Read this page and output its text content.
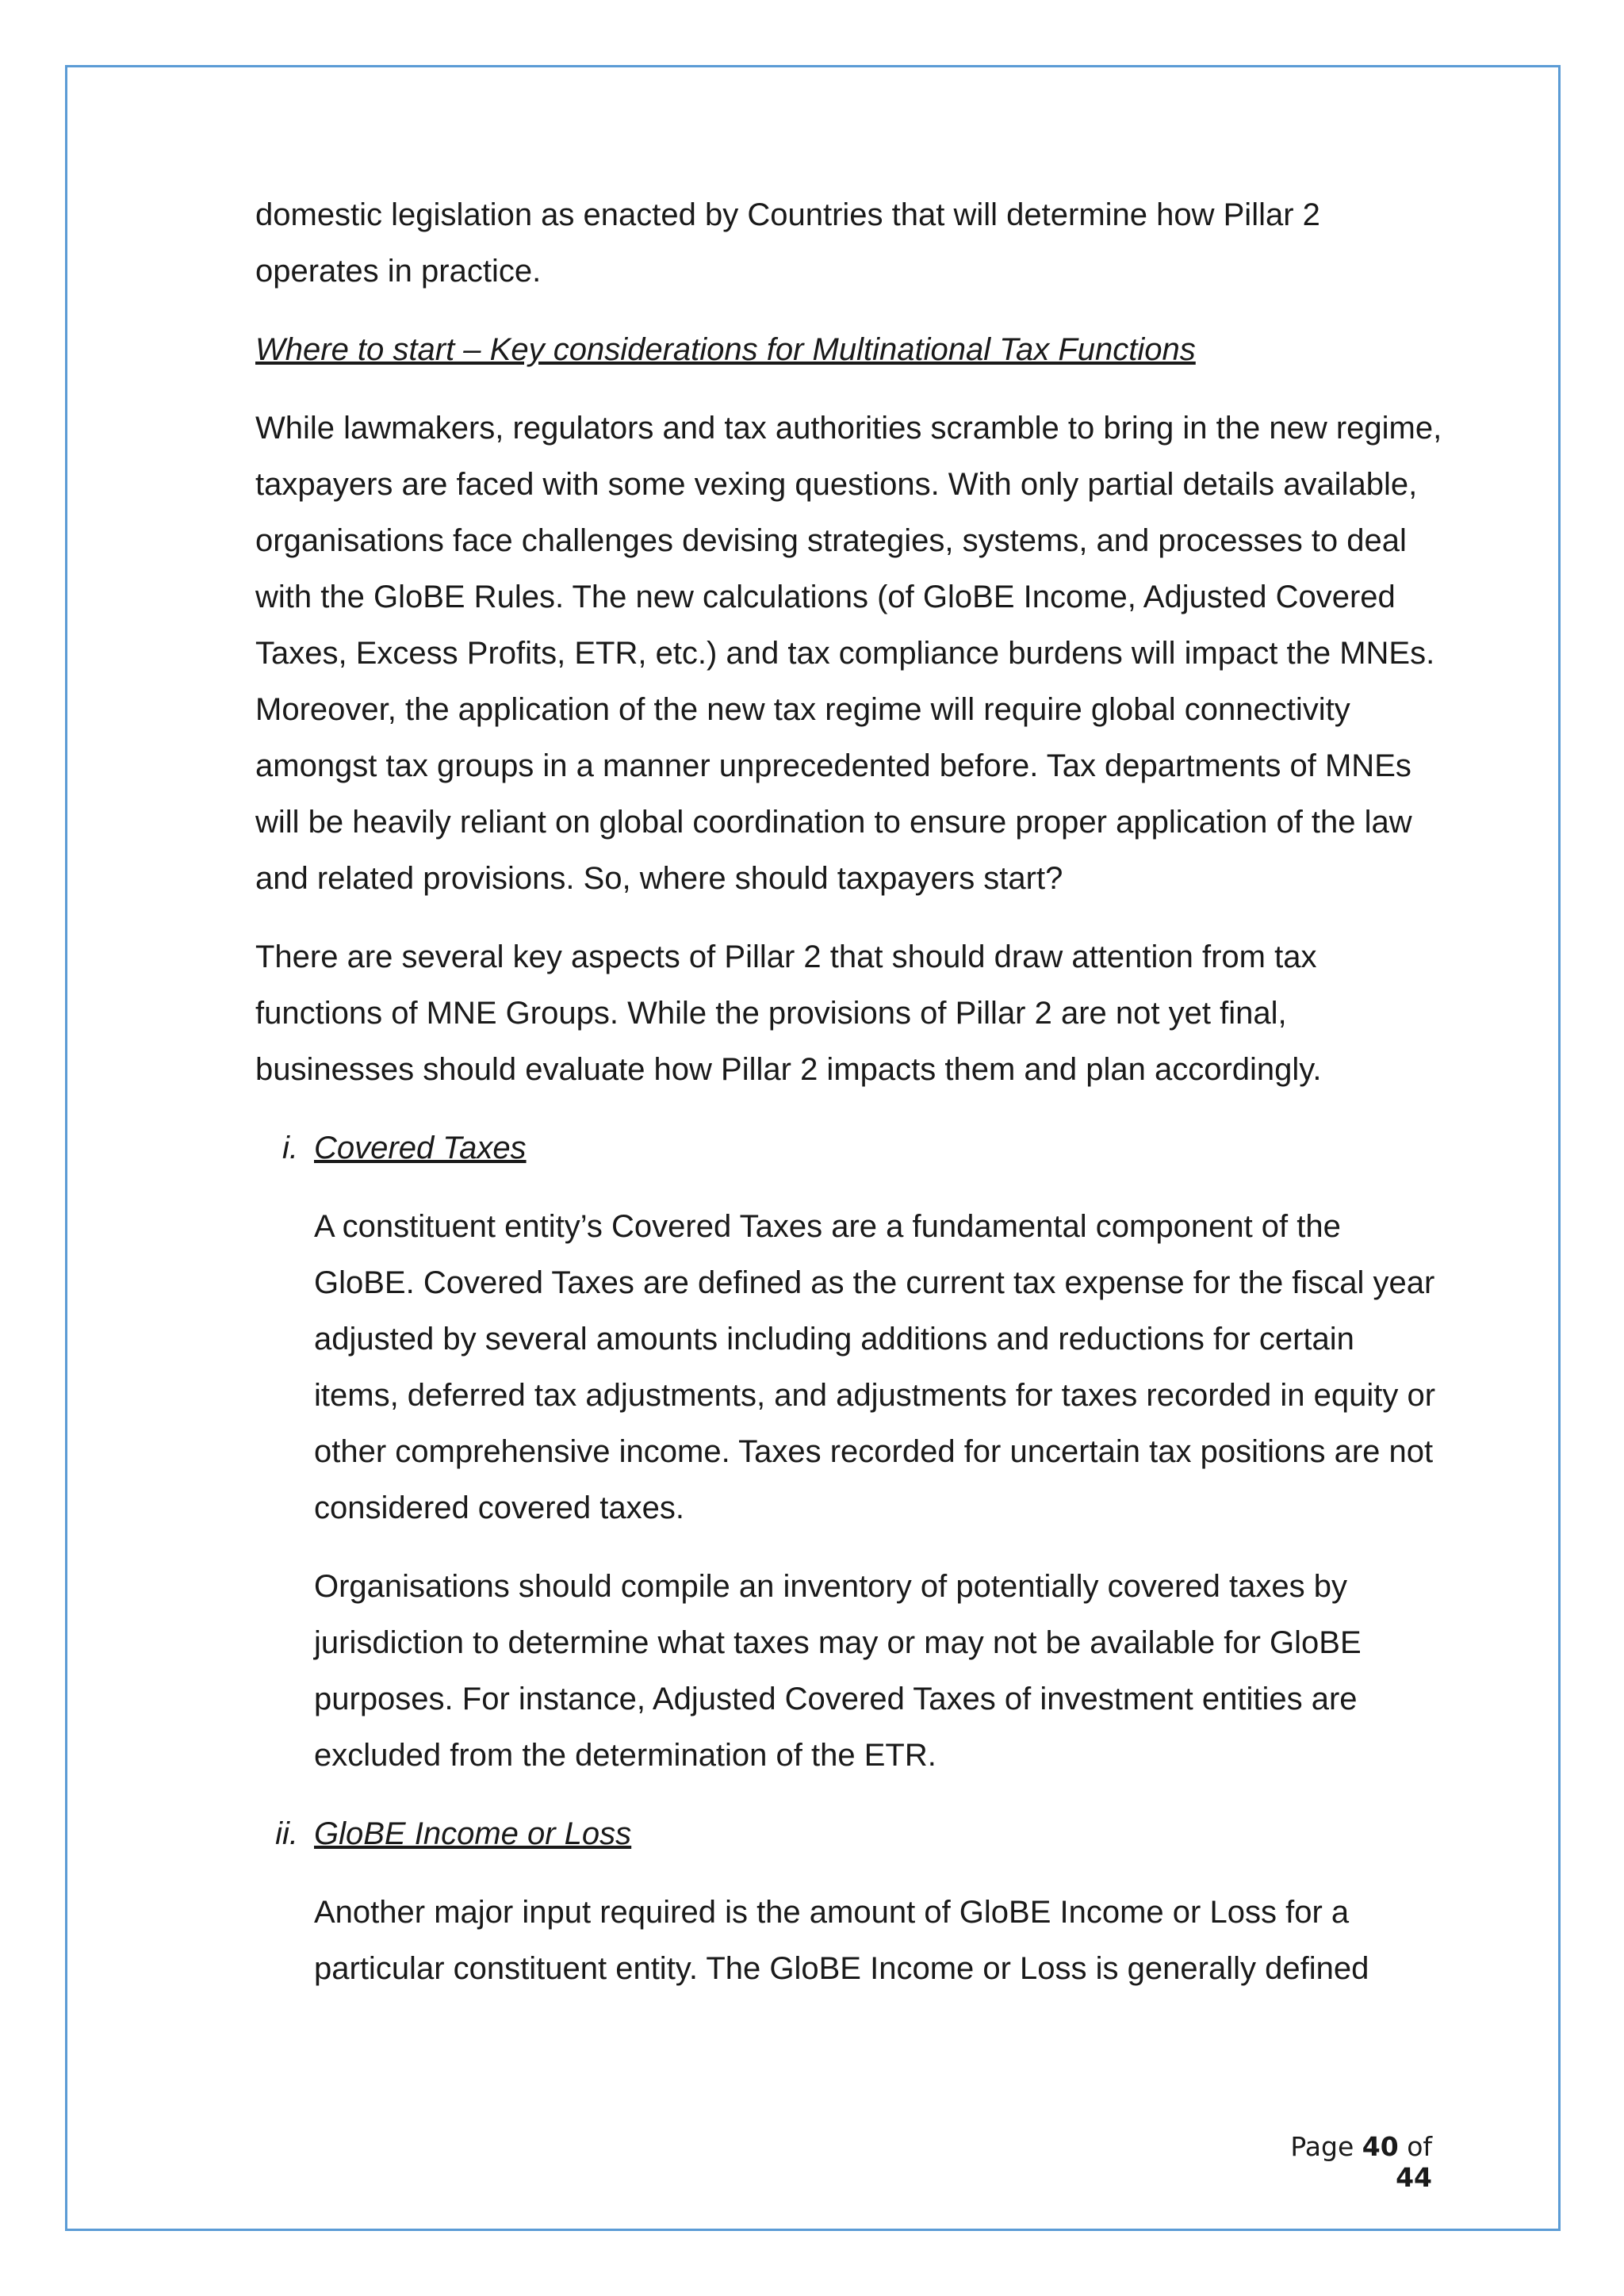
domestic legislation as enacted by Countries that will determine how Pillar 2 operates in practice.

Where to start – Key considerations for Multinational Tax Functions

While lawmakers, regulators and tax authorities scramble to bring in the new regime, taxpayers are faced with some vexing questions. With only partial details available, organisations face challenges devising strategies, systems, and processes to deal with the GloBE Rules. The new calculations (of GloBE Income, Adjusted Covered Taxes, Excess Profits, ETR, etc.) and tax compliance burdens will impact the MNEs. Moreover, the application of the new tax regime will require global connectivity amongst tax groups in a manner unprecedented before. Tax departments of MNEs will be heavily reliant on global coordination to ensure proper application of the law and related provisions. So, where should taxpayers start?

There are several key aspects of Pillar 2 that should draw attention from tax functions of MNE Groups. While the provisions of Pillar 2 are not yet final, businesses should evaluate how Pillar 2 impacts them and plan accordingly.

i. Covered Taxes

A constituent entity’s Covered Taxes are a fundamental component of the GloBE. Covered Taxes are defined as the current tax expense for the fiscal year adjusted by several amounts including additions and reductions for certain items, deferred tax adjustments, and adjustments for taxes recorded in equity or other comprehensive income. Taxes recorded for uncertain tax positions are not considered covered taxes.

Organisations should compile an inventory of potentially covered taxes by jurisdiction to determine what taxes may or may not be available for GloBE purposes. For instance, Adjusted Covered Taxes of investment entities are excluded from the determination of the ETR.

ii. GloBE Income or Loss

Another major input required is the amount of GloBE Income or Loss for a particular constituent entity. The GloBE Income or Loss is generally defined

Page 40 of 44
